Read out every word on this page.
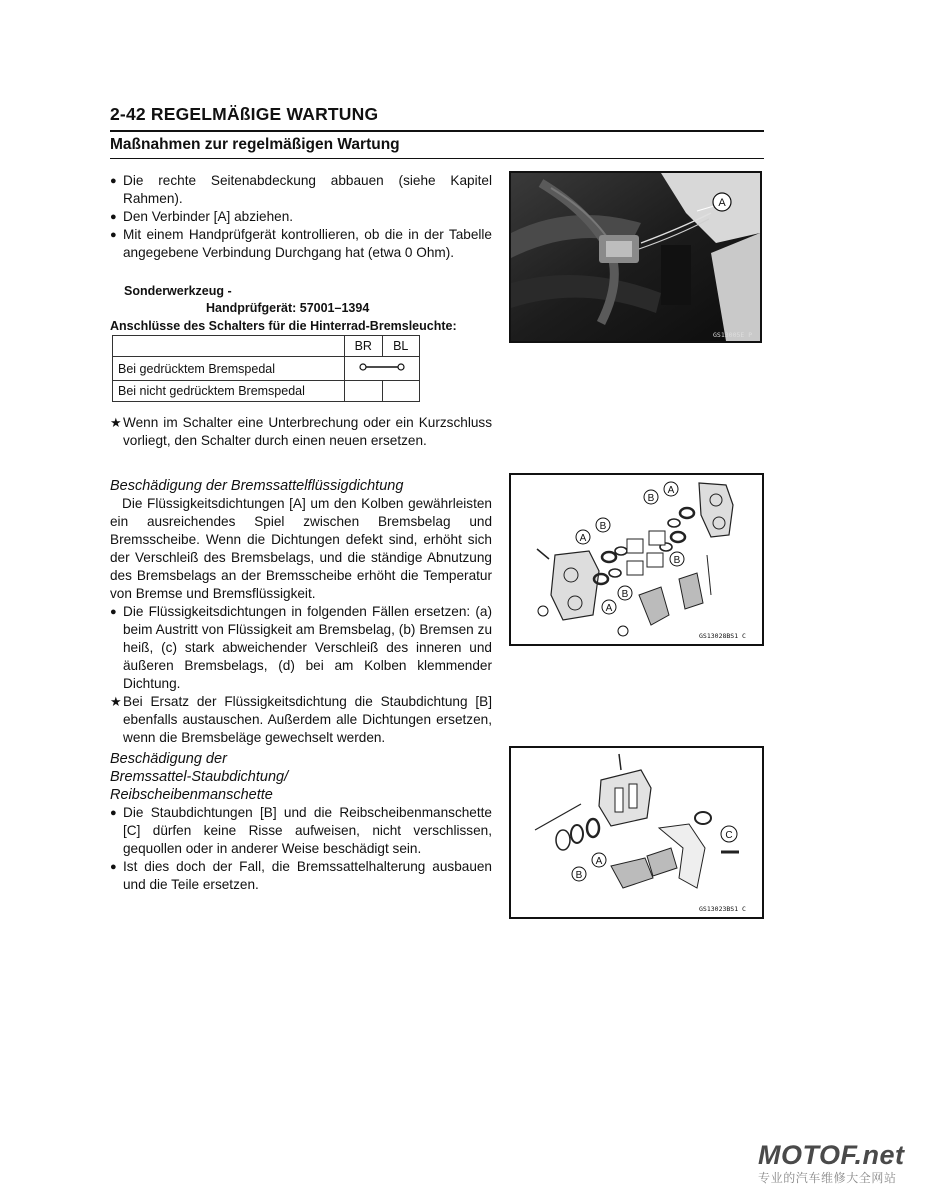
2-42 REGELMÄßIGE WARTUNG
Maßnahmen zur regelmäßigen Wartung
● Die rechte Seitenabdeckung abbauen (siehe Kapitel Rahmen).
● Den Verbinder [A] abziehen.
● Mit einem Handprüfgerät kontrollieren, ob die in der Tabelle angegebene Verbindung Durchgang hat (etwa 0 Ohm).
Sonderwerkzeug -
Handprüfgerät: 57001–1394
Anschlüsse des Schalters für die Hinterrad-Bremsleuchte:
	BR	BL
Bei gedrücktem Bremspedal	
Bei nicht gedrücktem Bremspedal		
★ Wenn im Schalter eine Unterbrechung oder ein Kurzschluss vorliegt, den Schalter durch einen neuen ersetzen.
Beschädigung der Bremssattelflüssigdichtung
Die Flüssigkeitsdichtungen [A] um den Kolben gewährleisten ein ausreichendes Spiel zwischen Bremsbelag und Bremsscheibe. Wenn die Dichtungen defekt sind, erhöht sich der Verschleiß des Bremsbelags, und die ständige Abnutzung des Bremsbelags an der Bremsscheibe erhöht die Temperatur von Bremse und Bremsflüssigkeit.
● Die Flüssigkeitsdichtungen in folgenden Fällen ersetzen: (a) beim Austritt von Flüssigkeit am Bremsbelag, (b) Bremsen zu heiß, (c) stark abweichender Verschleiß des inneren und äußeren Bremsbelags, (d) bei am Kolben klemmender Dichtung.
★ Bei Ersatz der Flüssigkeitsdichtung die Staubdichtung [B] ebenfalls austauschen. Außerdem alle Dichtungen ersetzen, wenn die Bremsbeläge gewechselt werden.
Beschädigung der
Bremssattel-Staubdichtung/
Reibscheibenmanschette
● Die Staubdichtungen [B] und die Reibscheibenmanschette [C] dürfen keine Risse aufweisen, nicht verschlissen, gequollen oder in anderer Weise beschädigt sein.
● Ist dies doch der Fall, die Bremssattelhalterung ausbauen und die Teile ersetzen.
A
GS13005E P
A
B
B
A
B
A
B
GS13028BS1 C
A
B
C
GS13023BS1 C
MOTOF.net
专业的汽车维修大全网站
